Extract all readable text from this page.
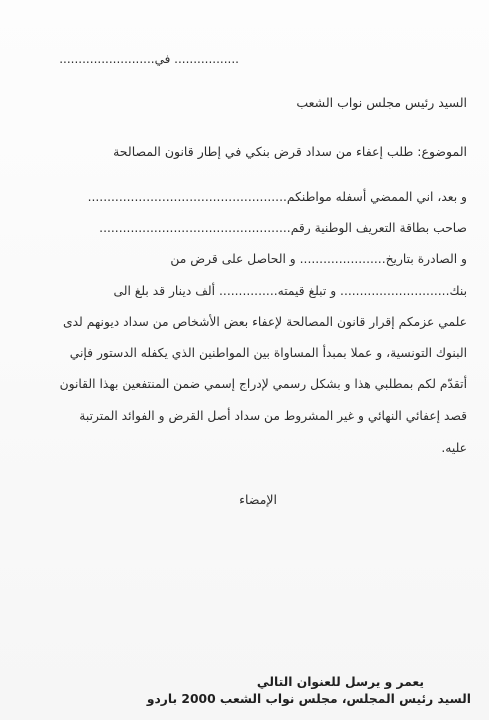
................. في.........................
السيد رئيس مجلس نواب الشعب
الموضوع: طلب إعفاء من سداد قرض بنكي في إطار قانون المصالحة
و بعد، اني الممضي أسفله مواطنكم...................................................
صاحب بطاقة التعريف الوطنية رقم.................................................
و الصادرة بتاريخ...................... و الحاصل على قرض من
بنك............................ و تبلغ قيمته............... ألف دينار قد بلغ الى
علمي عزمكم إقرار قانون المصالحة لإعفاء بعض الأشخاص من سداد ديونهم لدى
البنوك التونسية، و عملا بمبدأ المساواة بين المواطنين الذي يكفله الدستور فإني
أتقدّم لكم بمطلبي هذا و بشكل رسمي لإدراج إسمي ضمن المنتفعين بهذا القانون
قصد إعفائي النهائي و غير المشروط من سداد أصل القرض و الفوائد المترتبة
عليه.
الإمضاء
يعمر و يرسل للعنوان التالي
السيد رئيس المجلس، مجلس نواب الشعب 2000 باردو
